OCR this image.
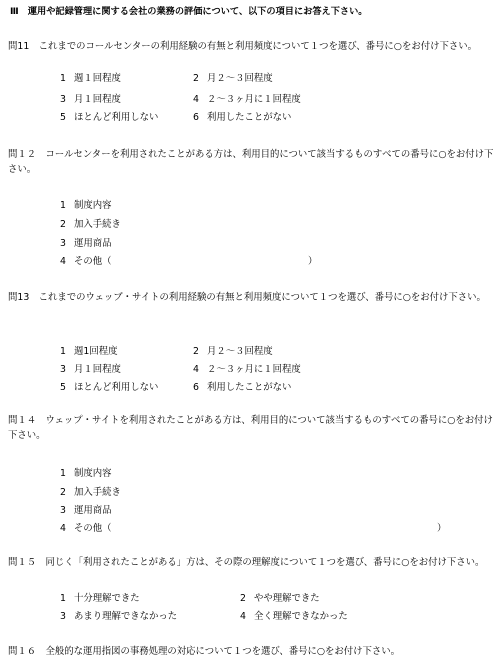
Ⅲ　運用や記録管理に関する会社の業務の評価について、以下の項目にお答え下さい。
問11　これまでのコールセンターの利用経験の有無と利用頻度について１つを選び、番号に○をお付け下さい。
1 週１回程度	2 月２〜３回程度
3 月１回程度	4 ２〜３ヶ月に１回程度
5 ほとんど利用しない	6 利用したことがない
問１２　コールセンターを利用されたことがある方は、利用目的について該当するものすべての番号に○をお付け下さい。
1 制度内容
2 加入手続き
3 運用商品
4 その他（	）
問13　これまでのウェッブ・サイトの利用経験の有無と利用頻度について１つを選び、番号に○をお付け下さい。
1 週1回程度	2 月２〜３回程度
3 月１回程度	4 ２〜３ヶ月に１回程度
5 ほとんど利用しない	6 利用したことがない
問１４　ウェップ・サイトを利用されたことがある方は、利用目的について該当するものすべての番号に○をお付け下さい。
1 制度内容
2 加入手続き
3 運用商品
4 その他（	）
問１５　同じく「利用されたことがある」方は、その際の理解度について１つを選び、番号に○をお付け下さい。
1 十分理解できた	2 やや理解できた
3 あまり理解できなかった	4 全く理解できなかった
問１６　全般的な運用指図の事務処理の対応について１つを選び、番号に○をお付け下さい。
